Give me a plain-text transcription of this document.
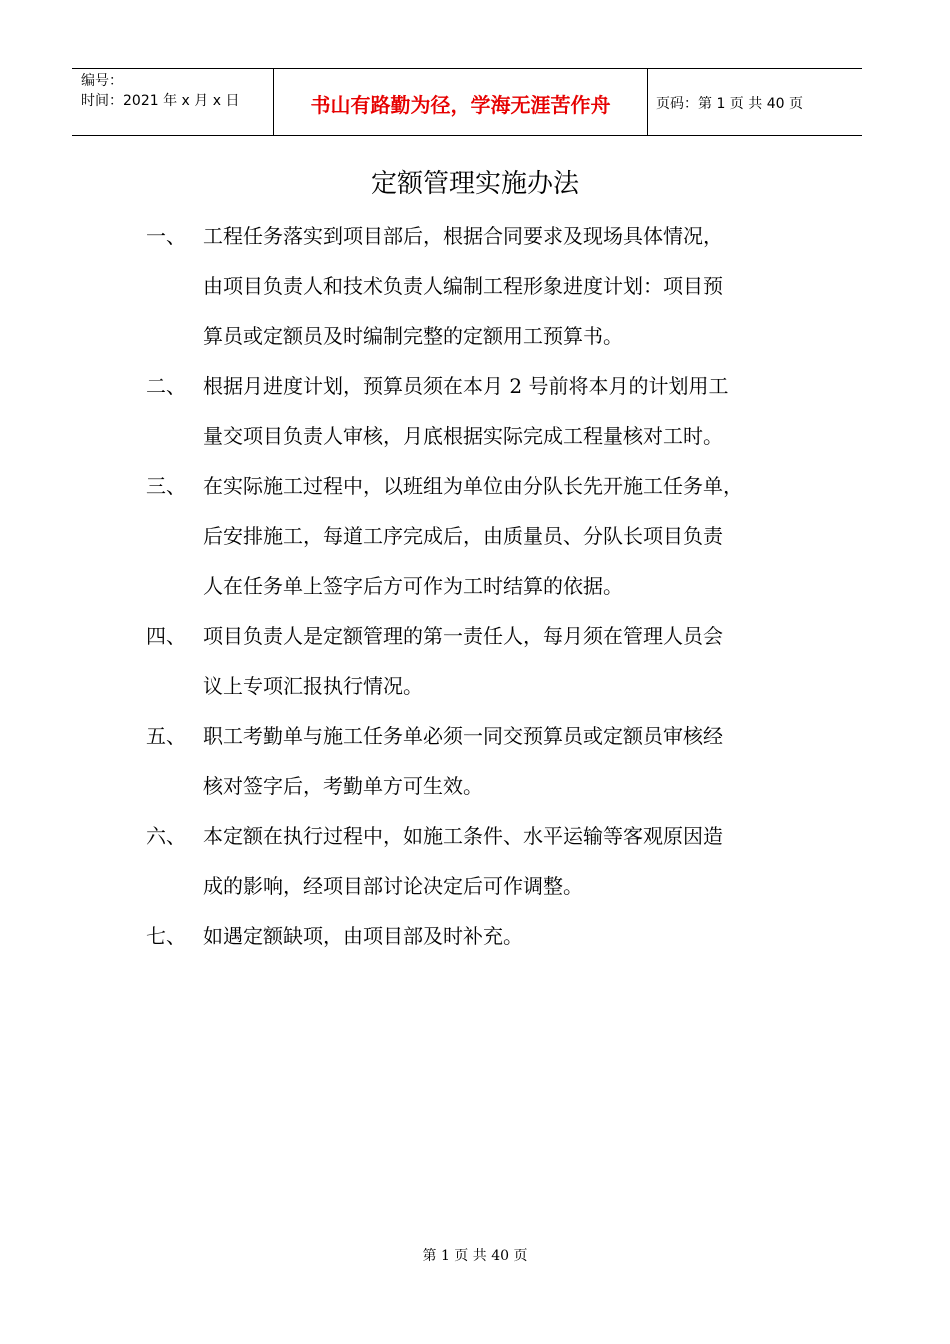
编号：
时间：2021 年 x 月 x 日	书山有路勤为径，学海无涯苦作舟	页码：第 1 页 共 40 页
定额管理实施办法
一、 工程任务落实到项目部后，根据合同要求及现场具体情况，
由项目负责人和技术负责人编制工程形象进度计划：项目预
算员或定额员及时编制完整的定额用工预算书。
二、 根据月进度计划，预算员须在本月 2 号前将本月的计划用工
量交项目负责人审核，月底根据实际完成工程量核对工时。
三、 在实际施工过程中，以班组为单位由分队长先开施工任务单，
后安排施工，每道工序完成后，由质量员、分队长项目负责
人在任务单上签字后方可作为工时结算的依据。
四、 项目负责人是定额管理的第一责任人，每月须在管理人员会
议上专项汇报执行情况。
五、 职工考勤单与施工任务单必须一同交预算员或定额员审核经
核对签字后，考勤单方可生效。
六、 本定额在执行过程中，如施工条件、水平运输等客观原因造
成的影响，经项目部讨论决定后可作调整。
七、 如遇定额缺项，由项目部及时补充。
第 1 页 共 40 页
